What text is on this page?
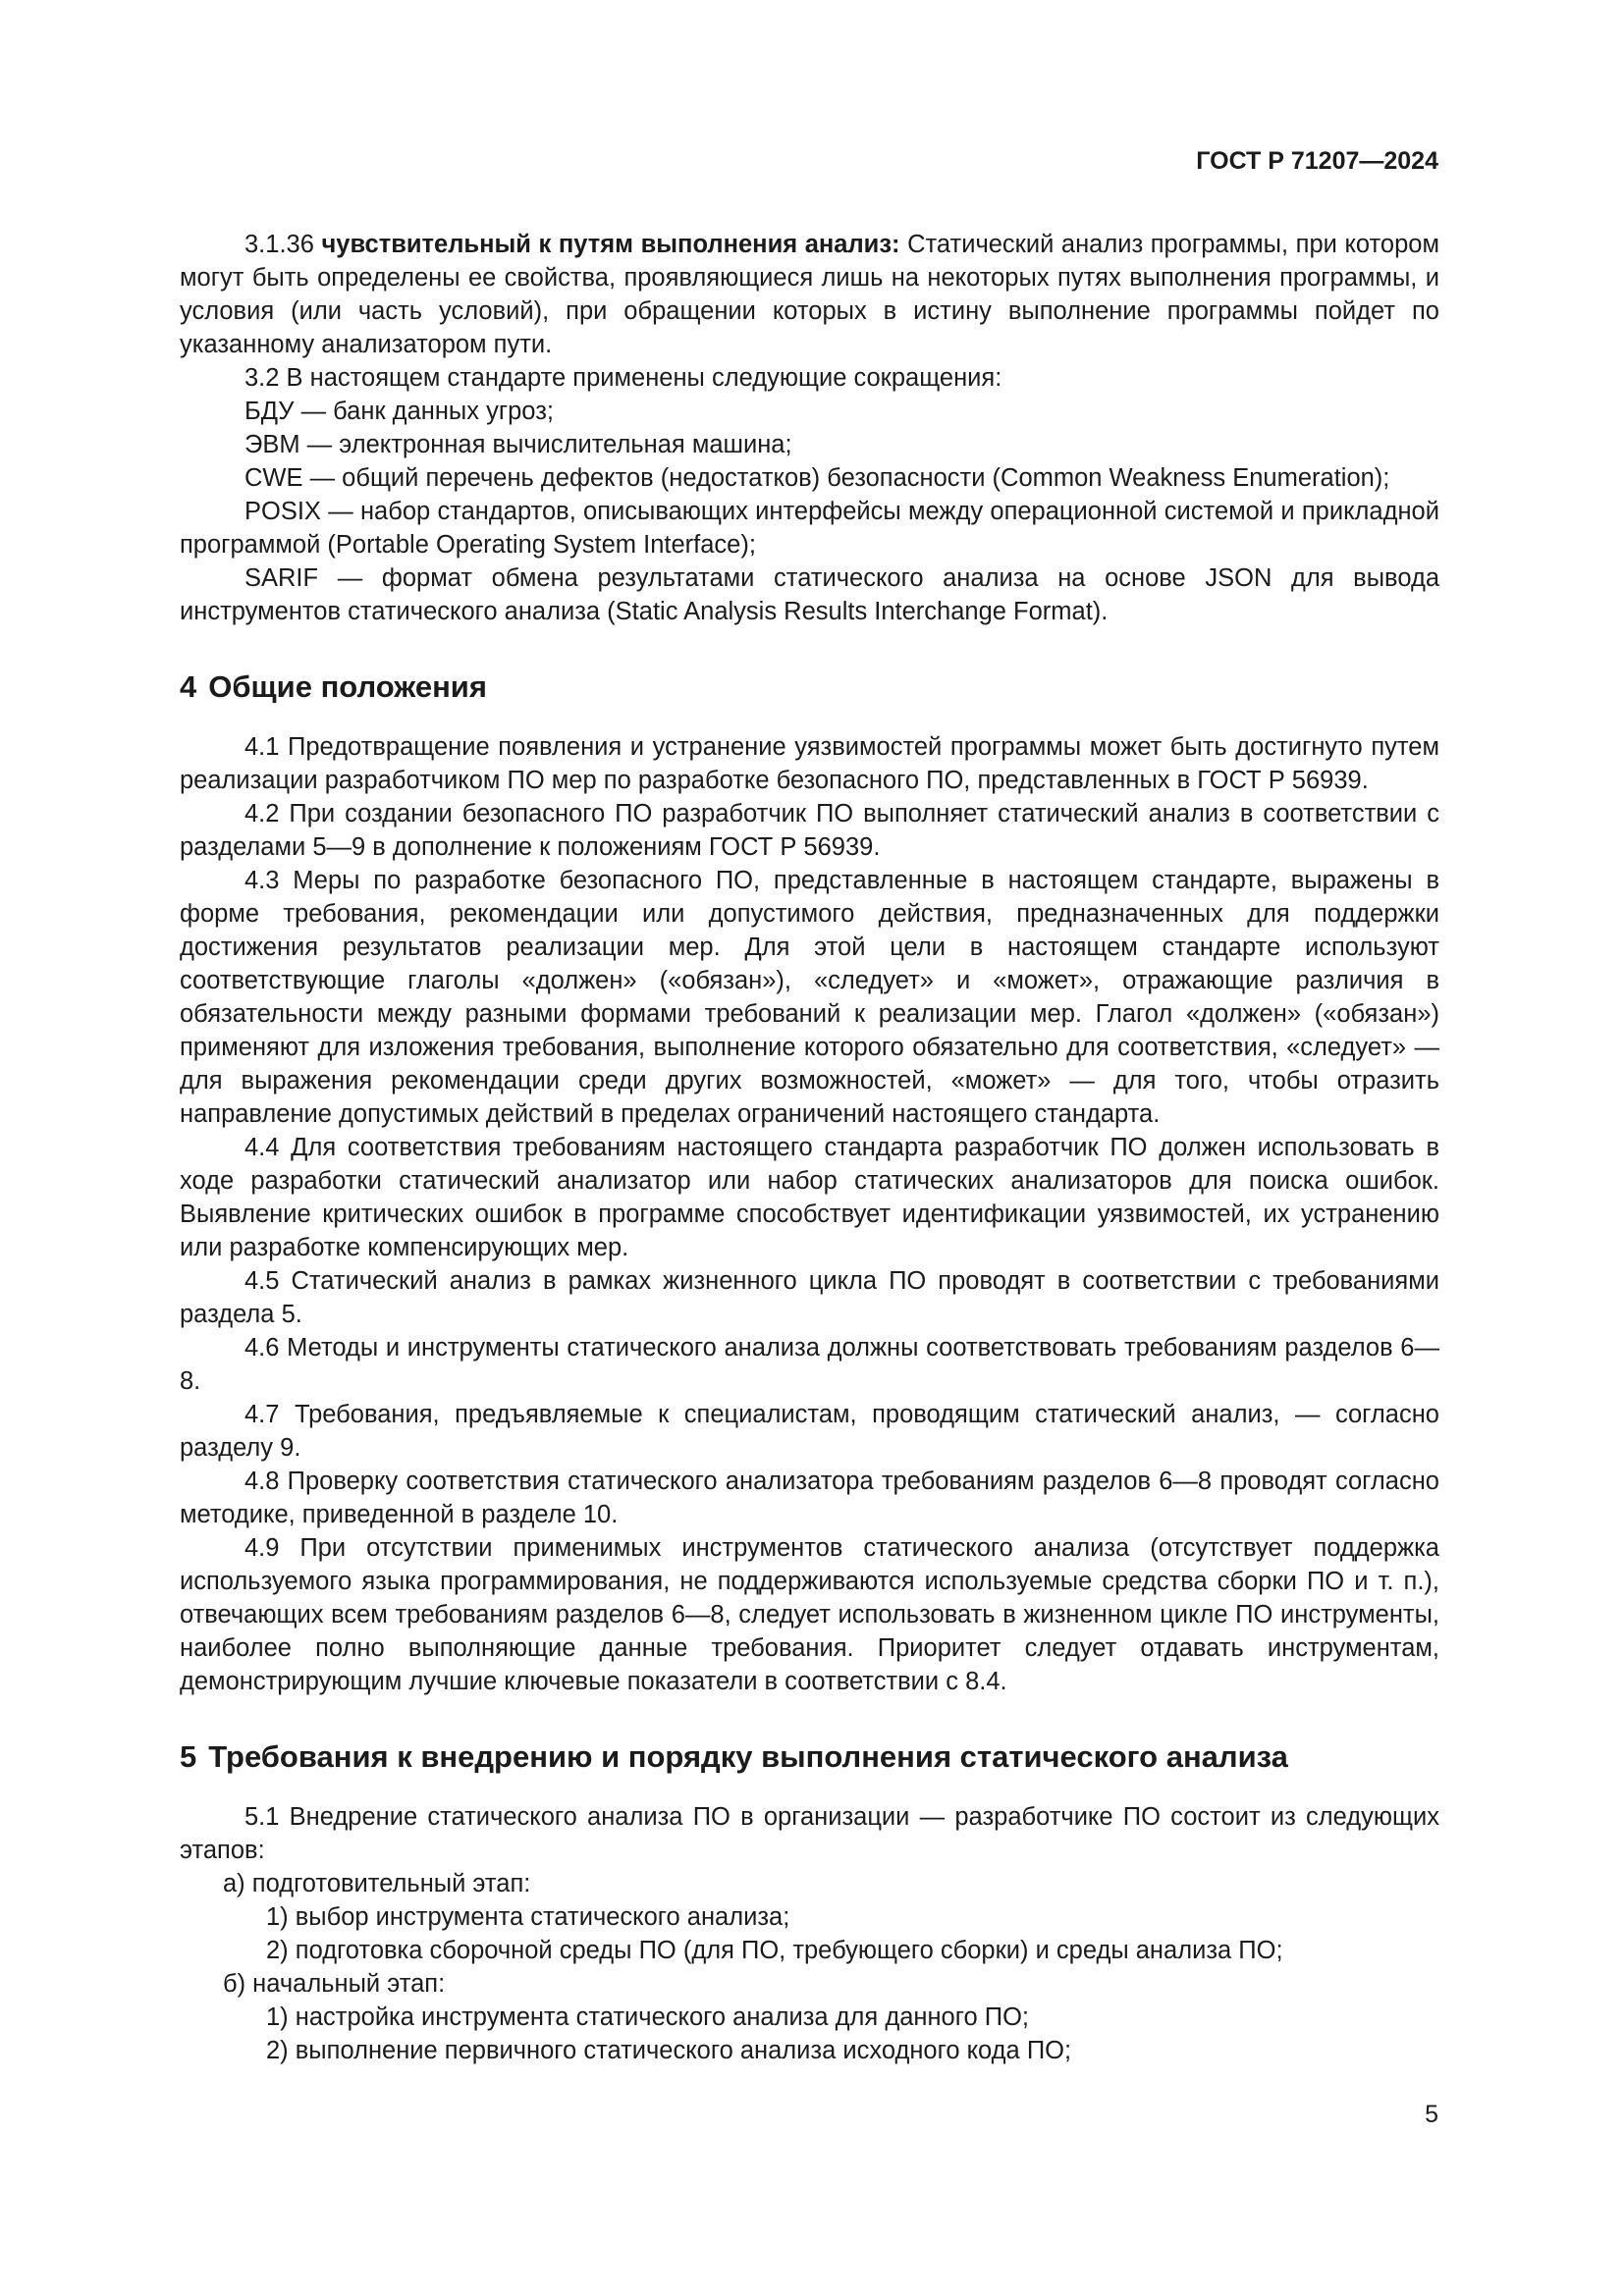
ГОСТ Р 71207—2024

3.1.36 чувствительный к путям выполнения анализ: Статический анализ программы, при котором могут быть определены ее свойства, проявляющиеся лишь на некоторых путях выполнения программы, и условия (или часть условий), при обращении которых в истину выполнение программы пойдет по указанному анализатором пути.

3.2 В настоящем стандарте применены следующие сокращения:

БДУ — банк данных угроз;

ЭВМ — электронная вычислительная машина;

CWE — общий перечень дефектов (недостатков) безопасности (Common Weakness Enumeration);

POSIX — набор стандартов, описывающих интерфейсы между операционной системой и прикладной программой (Portable Operating System Interface);

SARIF — формат обмена результатами статического анализа на основе JSON для вывода инструментов статического анализа (Static Analysis Results Interchange Format).

4 Общие положения

4.1 Предотвращение появления и устранение уязвимостей программы может быть достигнуто путем реализации разработчиком ПО мер по разработке безопасного ПО, представленных в ГОСТ Р 56939.

4.2 При создании безопасного ПО разработчик ПО выполняет статический анализ в соответствии с разделами 5—9 в дополнение к положениям ГОСТ Р 56939.

4.3 Меры по разработке безопасного ПО, представленные в настоящем стандарте, выражены в форме требования, рекомендации или допустимого действия, предназначенных для поддержки достижения результатов реализации мер. Для этой цели в настоящем стандарте используют соответствующие глаголы «должен» («обязан»), «следует» и «может», отражающие различия в обязательности между разными формами требований к реализации мер. Глагол «должен» («обязан») применяют для изложения требования, выполнение которого обязательно для соответствия, «следует» — для выражения рекомендации среди других возможностей, «может» — для того, чтобы отразить направление допустимых действий в пределах ограничений настоящего стандарта.

4.4 Для соответствия требованиям настоящего стандарта разработчик ПО должен использовать в ходе разработки статический анализатор или набор статических анализаторов для поиска ошибок. Выявление критических ошибок в программе способствует идентификации уязвимостей, их устранению или разработке компенсирующих мер.

4.5 Статический анализ в рамках жизненного цикла ПО проводят в соответствии с требованиями раздела 5.

4.6 Методы и инструменты статического анализа должны соответствовать требованиям разделов 6—8.

4.7 Требования, предъявляемые к специалистам, проводящим статический анализ, — согласно разделу 9.

4.8 Проверку соответствия статического анализатора требованиям разделов 6—8 проводят согласно методике, приведенной в разделе 10.

4.9 При отсутствии применимых инструментов статического анализа (отсутствует поддержка используемого языка программирования, не поддерживаются используемые средства сборки ПО и т. п.), отвечающих всем требованиям разделов 6—8, следует использовать в жизненном цикле ПО инструменты, наиболее полно выполняющие данные требования. Приоритет следует отдавать инструментам, демонстрирующим лучшие ключевые показатели в соответствии с 8.4.

5 Требования к внедрению и порядку выполнения статического анализа

5.1 Внедрение статического анализа ПО в организации — разработчике ПО состоит из следующих этапов:

а) подготовительный этап:

1) выбор инструмента статического анализа;

2) подготовка сборочной среды ПО (для ПО, требующего сборки) и среды анализа ПО;

б) начальный этап:

1) настройка инструмента статического анализа для данного ПО;

2) выполнение первичного статического анализа исходного кода ПО;

5
